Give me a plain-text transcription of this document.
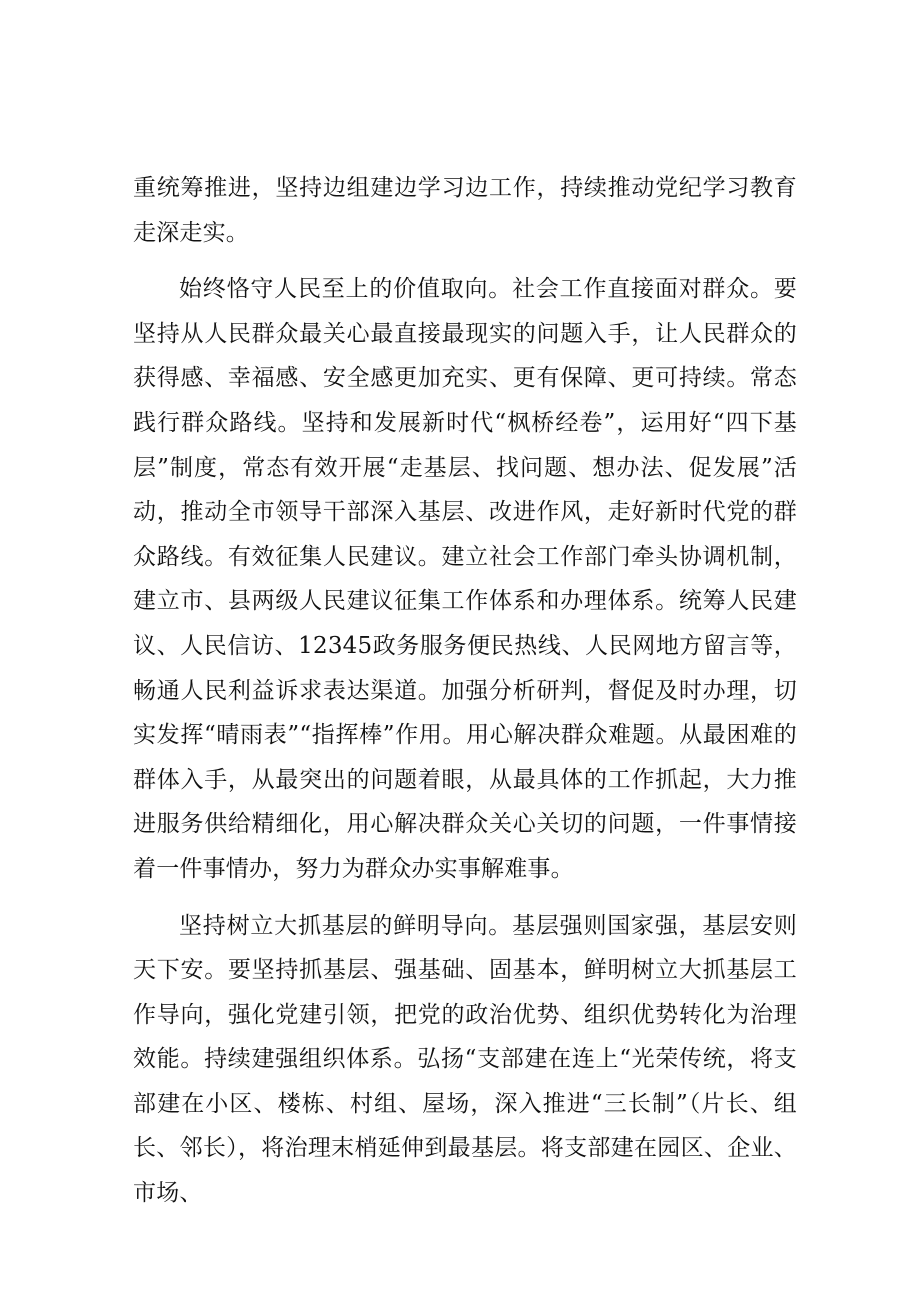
重统筹推进，坚持边组建边学习边工作，持续推动党纪学习教育走深走实。

始终恪守人民至上的价值取向。社会工作直接面对群众。要坚持从人民群众最关心最直接最现实的问题入手，让人民群众的获得感、幸福感、安全感更加充实、更有保障、更可持续。常态践行群众路线。坚持和发展新时代“枫桥经卷”，运用好“四下基层”制度，常态有效开展“走基层、找问题、想办法、促发展”活动，推动全市领导干部深入基层、改进作风，走好新时代党的群众路线。有效征集人民建议。建立社会工作部门牵头协调机制，建立市、县两级人民建议征集工作体系和办理体系。统筹人民建议、人民信访、12345政务服务便民热线、人民网地方留言等，畅通人民利益诉求表达渠道。加强分析研判，督促及时办理，切实发挥“晴雨表”“指挥棒”作用。用心解决群众难题。从最困难的群体入手，从最突出的问题着眼，从最具体的工作抓起，大力推进服务供给精细化，用心解决群众关心关切的问题，一件事情接着一件事情办，努力为群众办实事解难事。

坚持树立大抓基层的鲜明导向。基层强则国家强，基层安则天下安。要坚持抓基层、强基础、固基本，鲜明树立大抓基层工作导向，强化党建引领，把党的政治优势、组织优势转化为治理效能。持续建强组织体系。弘扬“支部建在连上“光荣传统，将支部建在小区、楼栋、村组、屋场，深入推进“三长制”（片长、组长、邻长），将治理末梢延伸到最基层。将支部建在园区、企业、市场、
